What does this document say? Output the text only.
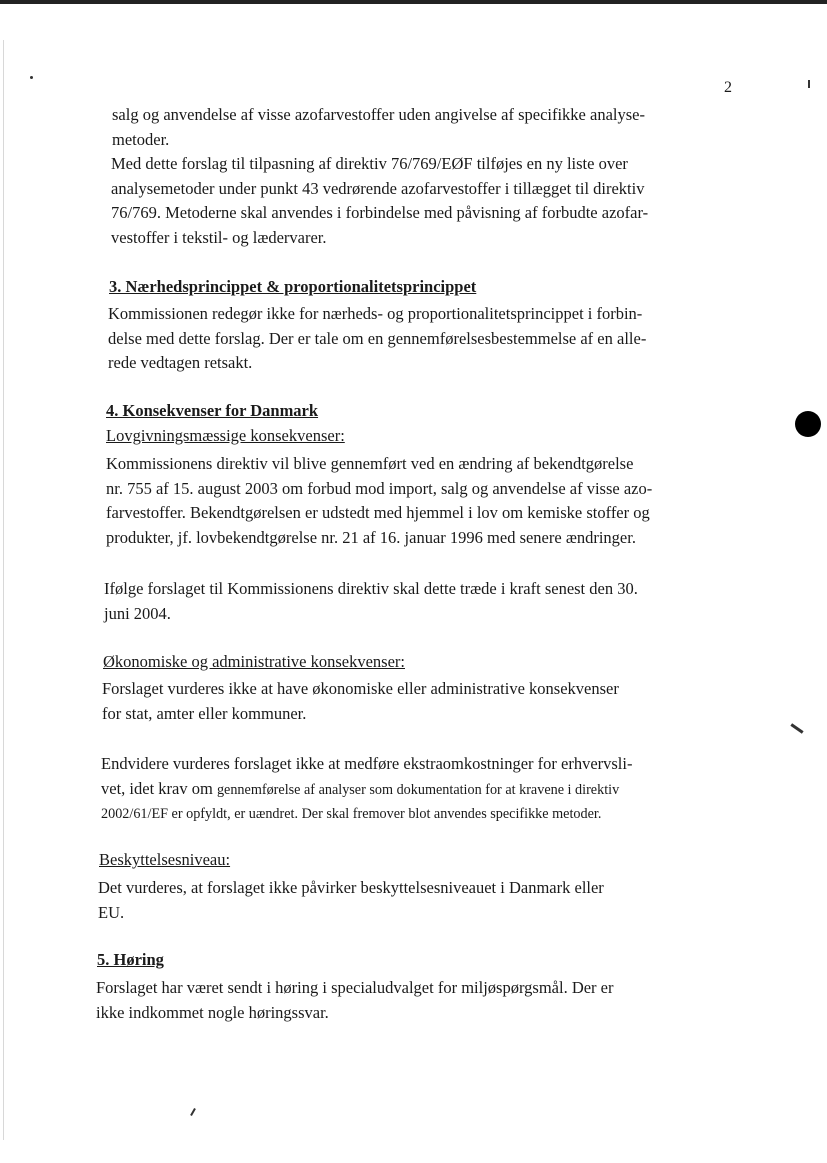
2

salg og anvendelse af visse azofarvestoffer uden angivelse af specifikke analyse-
metoder.

Med dette forslag til tilpasning af direktiv 76/769/EØF tilføjes en ny liste over
analysemetoder under punkt 43 vedrørende azofarvestoffer i tillægget til direktiv
76/769. Metoderne skal anvendes i forbindelse med påvisning af forbudte azofar-
vestoffer i tekstil- og lædervarer.

3. Nærhedsprincippet & proportionalitetsprincippet

Kommissionen redegør ikke for nærheds- og proportionalitetsprincippet i forbin-
delse med dette forslag. Der er tale om en gennemførelsesbestemmelse af en alle-
rede vedtagen retsakt.

4. Konsekvenser for Danmark
Lovgivningsmæssige konsekvenser:

Kommissionens direktiv vil blive gennemført ved en ændring af bekendtgørelse
nr. 755 af 15. august 2003 om forbud mod import, salg og anvendelse af visse azo-
farvestoffer. Bekendtgørelsen er udstedt med hjemmel i lov om kemiske stoffer og
produkter, jf. lovbekendtgørelse nr. 21 af 16. januar 1996 med senere ændringer.

Ifølge forslaget til Kommissionens direktiv skal dette træde i kraft senest den 30.
juni 2004.

Økonomiske og administrative konsekvenser:

Forslaget vurderes ikke at have økonomiske eller administrative konsekvenser
for stat, amter eller kommuner.

Endvidere vurderes forslaget ikke at medføre ekstraomkostninger for erhvervsli-
vet, idet krav om gennemførelse af analyser som dokumentation for at kravene i direktiv
2002/61/EF er opfyldt, er uændret. Der skal fremover blot anvendes specifikke metoder.

Beskyttelsesniveau:

Det vurderes, at forslaget ikke påvirker beskyttelsesniveauet i Danmark eller
EU.

5. Høring

Forslaget har været sendt i høring i specialudvalget for miljøspørgsmål. Der er
ikke indkommet nogle høringssvar.
